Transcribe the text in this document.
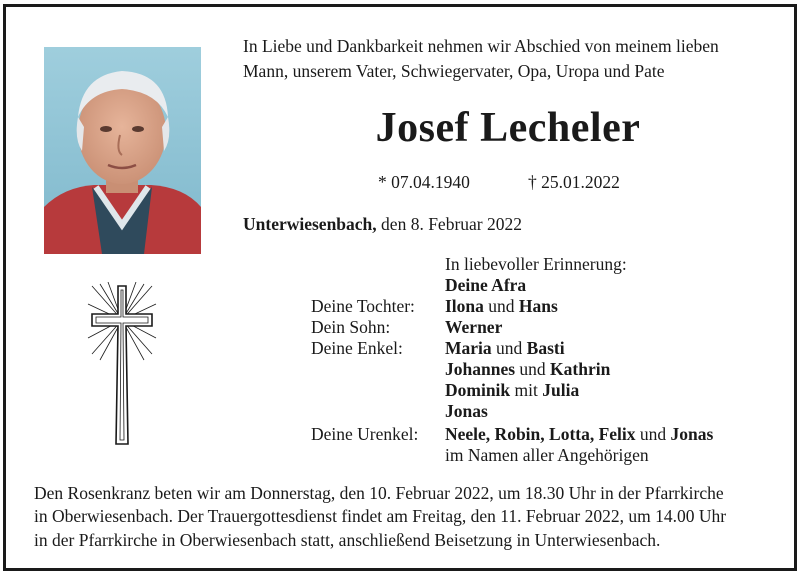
In Liebe und Dankbarkeit nehmen wir Abschied von meinem lieben
Mann, unserem Vater, Schwiegervater, Opa, Uropa und Pate
Josef Lecheler
* 07.04.1940	† 25.01.2022
Unterwiesenbach, den 8. Februar 2022
In liebevoller Erinnerung:
Deine Afra
Deine Tochter: Ilona und Hans
Dein Sohn:	Werner
Deine Enkel: Maria und Basti
Johannes und Kathrin
Dominik mit Julia
Jonas
Deine Urenkel: Neele, Robin, Lotta, Felix und Jonas
im Namen aller Angehörigen
Den Rosenkranz beten wir am Donnerstag, den 10. Februar 2022, um 18.30 Uhr in der Pfarrkirche
in Oberwiesenbach. Der Trauergottesdienst findet am Freitag, den 11. Februar 2022, um 14.00 Uhr
in der Pfarrkirche in Oberwiesenbach statt, anschließend Beisetzung in Unterwiesenbach.
